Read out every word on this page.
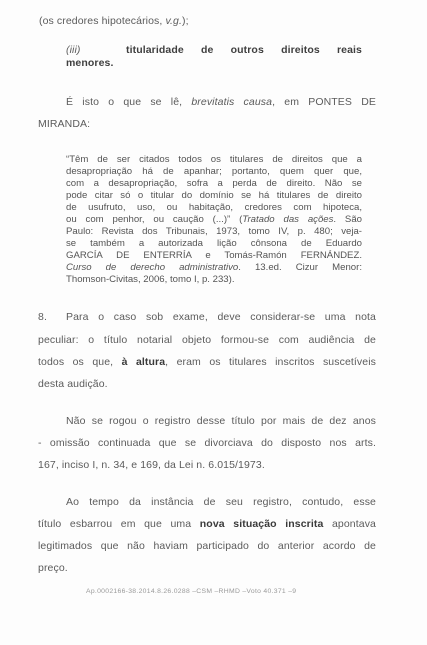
(os credores hipotecários, v.g.);
(iii)	titularidade de outros direitos reais
menores.
É isto o que se lê, brevitatis causa, em PONTES DE
MIRANDA:
“Têm de ser citados todos os titulares de direitos que a
desapropriação há de apanhar; portanto, quem quer que,
com a desapropriação, sofra a perda de direito. Não se
pode citar só o titular do domínio se há titulares de direito
de usufruto, uso, ou habitação, credores com hipoteca,
ou com penhor, ou caução (...)” (Tratado das ações. São
Paulo: Revista dos Tribunais, 1973, tomo IV, p. 480; veja-
se também a autorizada lição cônsona de Eduardo
GARCÍA DE ENTERRÍA e Tomás-Ramón FERNÁNDEZ.
Curso de derecho administrativo. 13.ed. Cizur Menor:
Thomson-Civitas, 2006, tomo I, p. 233).
8. Para o caso sob exame, deve considerar-se uma nota
peculiar: o título notarial objeto formou-se com audiência de
todos os que, à altura, eram os titulares inscritos suscetíveis
desta audição.
Não se rogou o registro desse título por mais de dez anos
- omissão continuada que se divorciava do disposto nos arts.
167, inciso I, n. 34, e 169, da Lei n. 6.015/1973.
Ao tempo da instância de seu registro, contudo, esse
título esbarrou em que uma nova situação inscrita apontava
legitimados que não haviam participado do anterior acordo de
preço.
Ap.0002166-38.2014.8.26.0288 –CSM –RHMD –Voto 40.371 –9
